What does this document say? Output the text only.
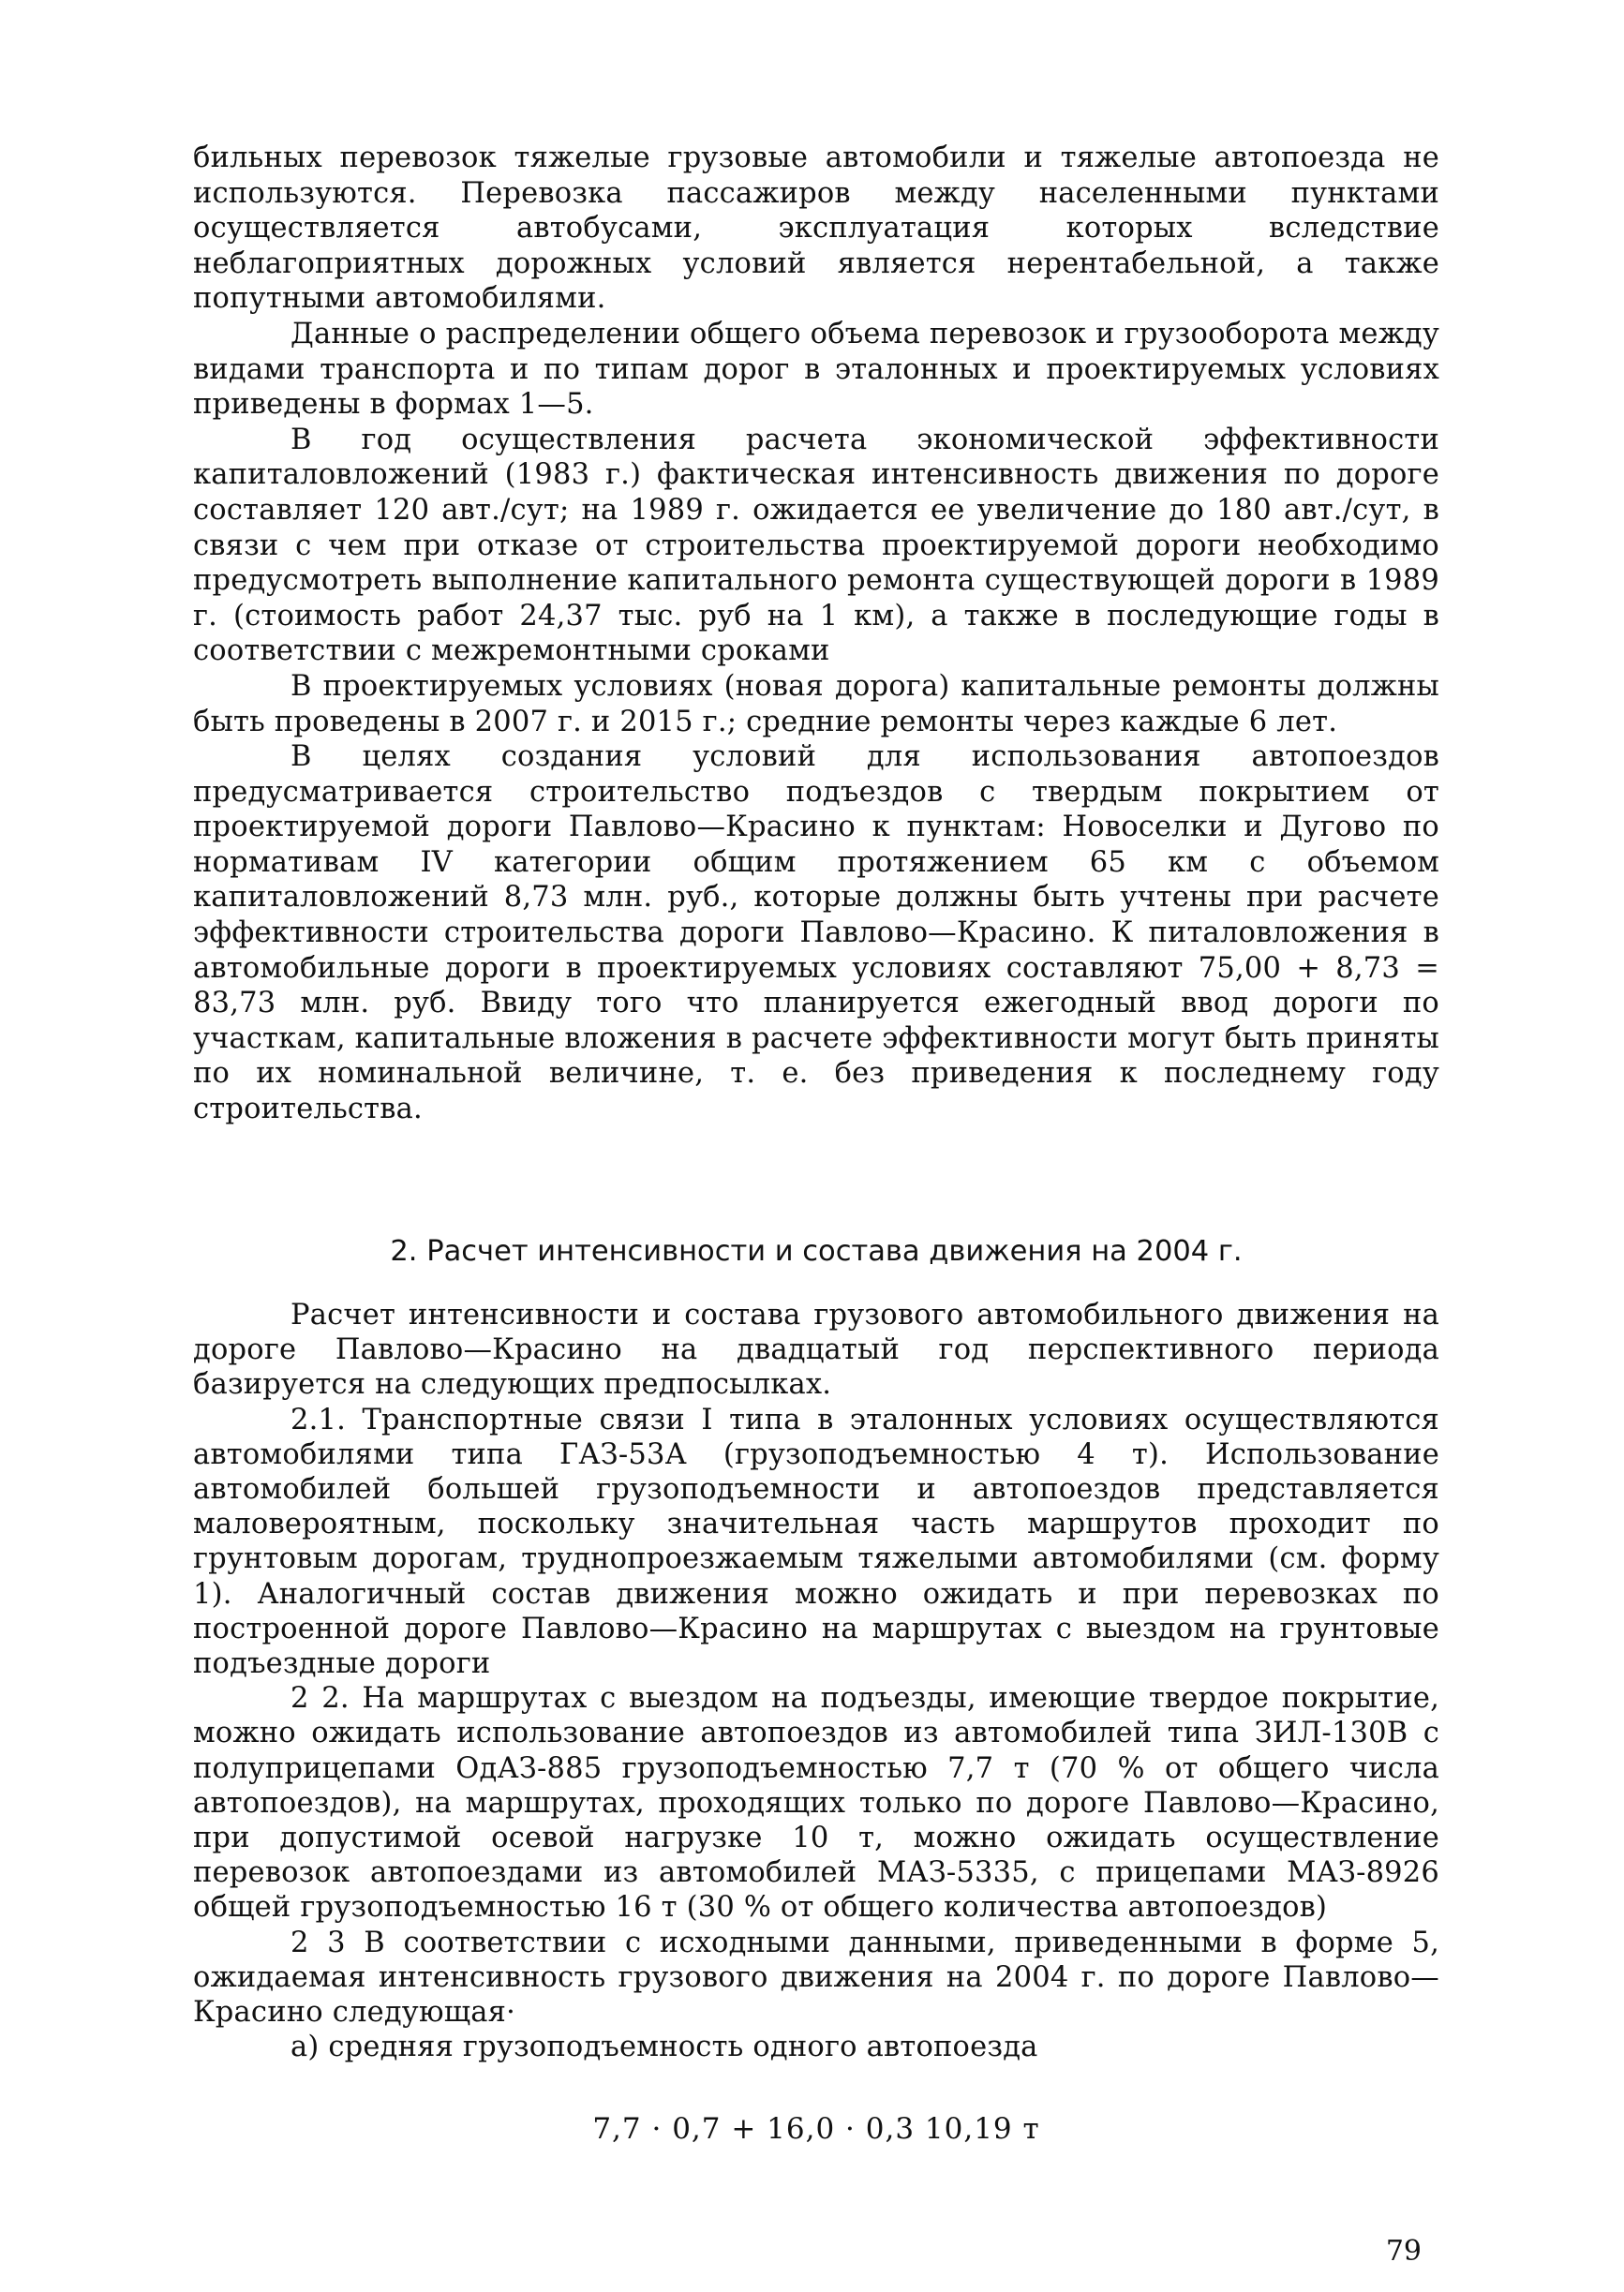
бильных перевозок тяжелые грузовые автомобили и тяжелые автопоезда не используются. Перевозка пассажиров между населенными пунктами осуществляется автобусами, эксплуатация которых вследствие неблагоприятных дорожных условий является нерентабельной, а также попутными автомобилями.

Данные о распределении общего объема перевозок и грузооборота между видами транспорта и по типам дорог в эталонных и проектируемых условиях приведены в формах 1—5.

В год осуществления расчета экономической эффективности капиталовложений (1983 г.) фактическая интенсивность движения по дороге составляет 120 авт./сут; на 1989 г. ожидается ее увеличение до 180 авт./сут, в связи с чем при отказе от строительства проектируемой дороги необходимо предусмотреть выполнение капитального ремонта существующей дороги в 1989 г. (стоимость работ 24,37 тыс. руб на 1 км), а также в последующие годы в соответствии с межремонтными сроками

В проектируемых условиях (новая дорога) капитальные ремонты должны быть проведены в 2007 г. и 2015 г.; средние ремонты через каждые 6 лет.

В целях создания условий для использования автопоездов предусматривается строительство подъездов с твердым покрытием от проектируемой дороги Павлово—Красино к пунктам: Новоселки и Дугово по нормативам IV категории общим протяжением 65 км с объемом капиталовложений 8,73 млн. руб., которые должны быть учтены при расчете эффективности строительства дороги Павлово—Красино. К питаловложения в автомобильные дороги в проектируемых условиях составляют 75,00 + 8,73 = 83,73 млн. руб. Ввиду того что планируется ежегодный ввод дороги по участкам, капитальные вложения в расчете эффективности могут быть приняты по их номинальной величине, т. е. без приведения к последнему году строительства.

2. Расчет интенсивности и состава движения на 2004 г.

Расчет интенсивности и состава грузового автомобильного движения на дороге Павлово—Красино на двадцатый год перспективного периода базируется на следующих предпосылках.

2.1. Транспортные связи I типа в эталонных условиях осуществляются автомобилями типа ГАЗ-53А (грузоподъемностью 4 т). Использование автомобилей большей грузоподъемности и автопоездов представляется маловероятным, поскольку значительная часть маршрутов проходит по грунтовым дорогам, труднопроезжаемым тяжелыми автомобилями (см. форму 1). Аналогичный состав движения можно ожидать и при перевозках по построенной дороге Павлово—Красино на маршрутах с выездом на грунтовые подъездные дороги

2 2. На маршрутах с выездом на подъезды, имеющие твердое покрытие, можно ожидать использование автопоездов из автомобилей типа ЗИЛ-130В с полуприцепами ОдАЗ-885 грузоподъемностью 7,7 т (70 % от общего числа автопоездов), на маршрутах, проходящих только по дороге Павлово—Красино, при допустимой осевой нагрузке 10 т, можно ожидать осуществление перевозок автопоездами из автомобилей МАЗ-5335, с прицепами МАЗ-8926 общей грузоподъемностью 16 т (30 % от общего количества автопоездов)

2 3 В соответствии с исходными данными, приведенными в форме 5, ожидаемая интенсивность грузового движения на 2004 г. по дороге Павлово—Красино следующая·

а) средняя грузоподъемность одного автопоезда

7,7 · 0,7 + 16,0 · 0,3 10,19 т
79
